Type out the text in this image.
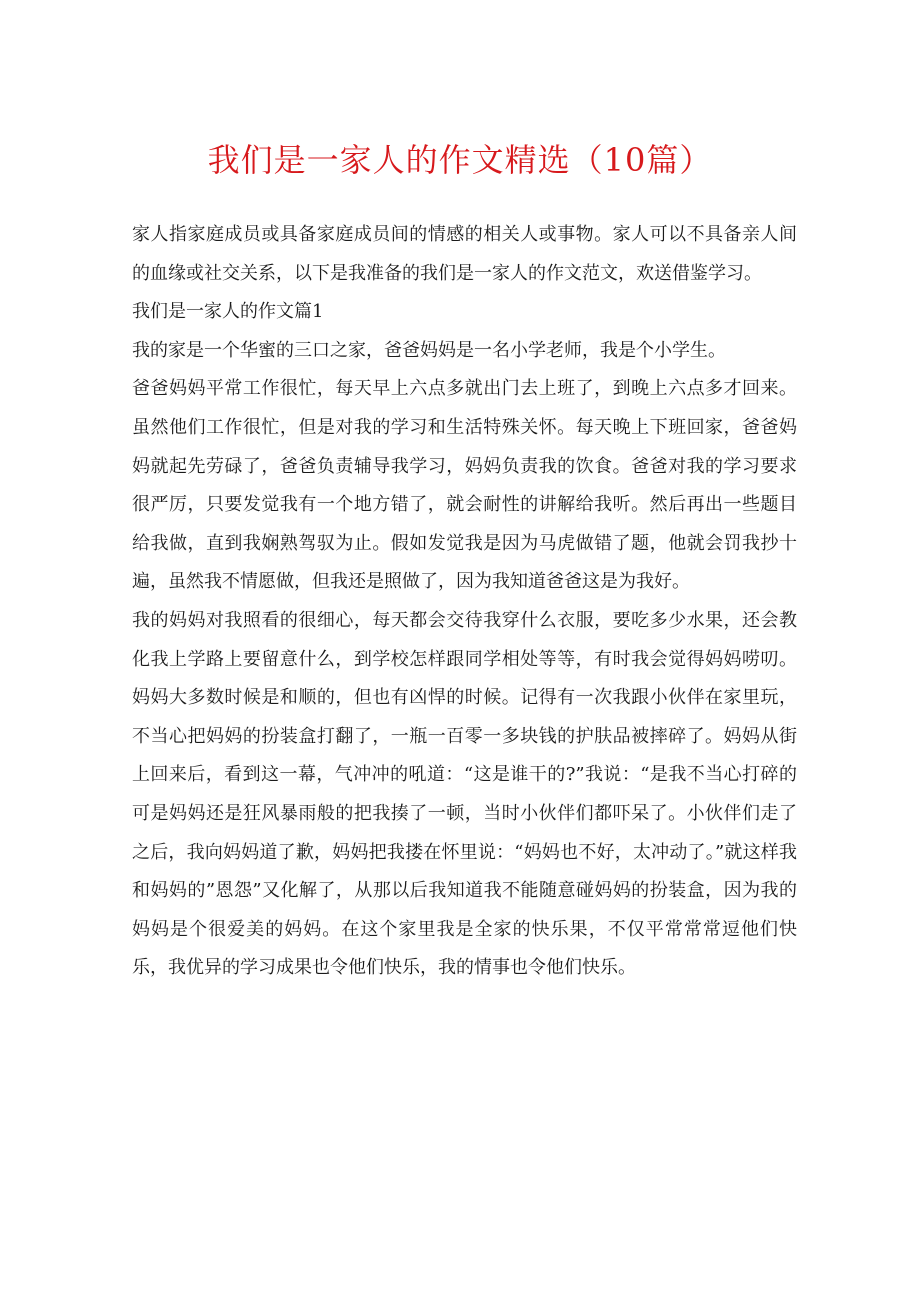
我们是一家人的作文精选（10篇）

家人指家庭成员或具备家庭成员间的情感的相关人或事物。家人可以不具备亲人间的血缘或社交关系，以下是我准备的我们是一家人的作文范文，欢送借鉴学习。

我们是一家人的作文篇1

我的家是一个华蜜的三口之家，爸爸妈妈是一名小学老师，我是个小学生。

爸爸妈妈平常工作很忙，每天早上六点多就出门去上班了，到晚上六点多才回来。虽然他们工作很忙，但是对我的学习和生活特殊关怀。每天晚上下班回家，爸爸妈妈就起先劳碌了，爸爸负责辅导我学习，妈妈负责我的饮食。爸爸对我的学习要求很严厉，只要发觉我有一个地方错了，就会耐性的讲解给我听。然后再出一些题目给我做，直到我娴熟驾驭为止。假如发觉我是因为马虎做错了题，他就会罚我抄十遍，虽然我不情愿做，但我还是照做了，因为我知道爸爸这是为我好。

我的妈妈对我照看的很细心，每天都会交待我穿什么衣服，要吃多少水果，还会教化我上学路上要留意什么，到学校怎样跟同学相处等等，有时我会觉得妈妈唠叨。妈妈大多数时候是和顺的，但也有凶悍的时候。记得有一次我跟小伙伴在家里玩，不当心把妈妈的扮装盒打翻了，一瓶一百零一多块钱的护肤品被摔碎了。妈妈从街上回来后，看到这一幕，气冲冲的吼道：“这是谁干的?”我说：“是我不当心打碎的可是妈妈还是狂风暴雨般的把我揍了一顿，当时小伙伴们都吓呆了。小伙伴们走了之后，我向妈妈道了歉，妈妈把我搂在怀里说：“妈妈也不好，太冲动了。”就这样我和妈妈的”恩怨”又化解了，从那以后我知道我不能随意碰妈妈的扮装盒，因为我的妈妈是个很爱美的妈妈。在这个家里我是全家的快乐果，不仅平常常常逗他们快乐，我优异的学习成果也令他们快乐，我的情事也令他们快乐。
